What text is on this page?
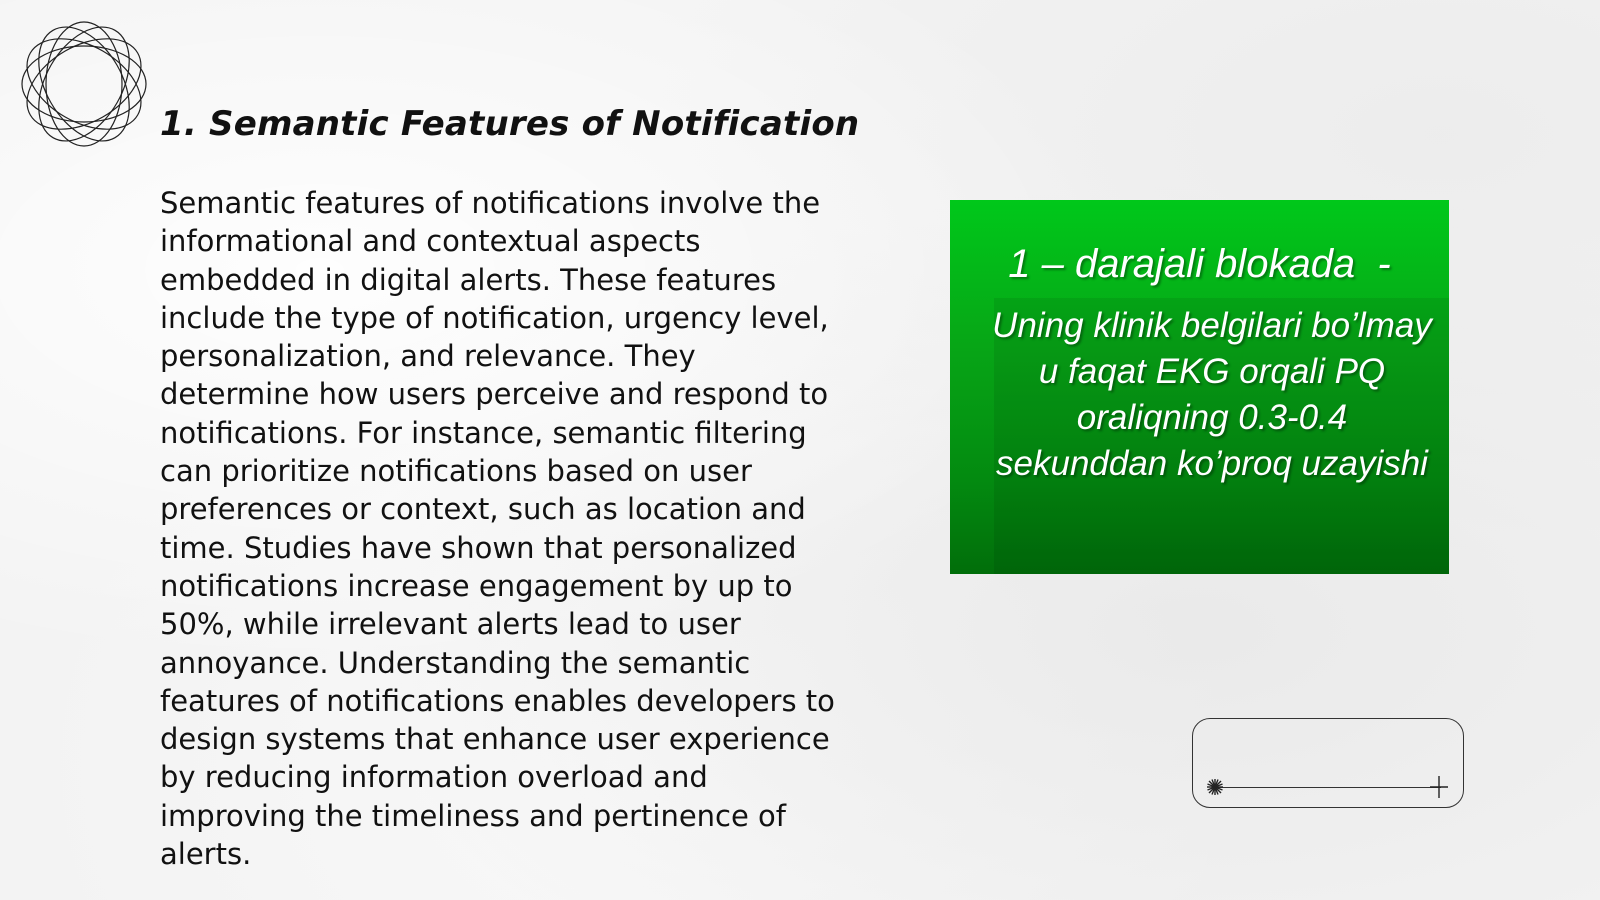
1. Semantic Features of Notification

Semantic features of notifications involve the informational and contextual aspects embedded in digital alerts. These features include the type of notification, urgency level, personalization, and relevance. They determine how users perceive and respond to notifications. For instance, semantic filtering can prioritize notifications based on user preferences or context, such as location and time. Studies have shown that personalized notifications increase engagement by up to 50%, while irrelevant alerts lead to user annoyance. Understanding the semantic features of notifications enables developers to design systems that enhance user experience by reducing information overload and improving the timeliness and pertinence of alerts.

1 – darajali blokada  -
Uning klinik belgilari bo’lmay u faqat EKG orqali PQ oraliqning 0.3-0.4 sekunddan ko’proq uzayishi
